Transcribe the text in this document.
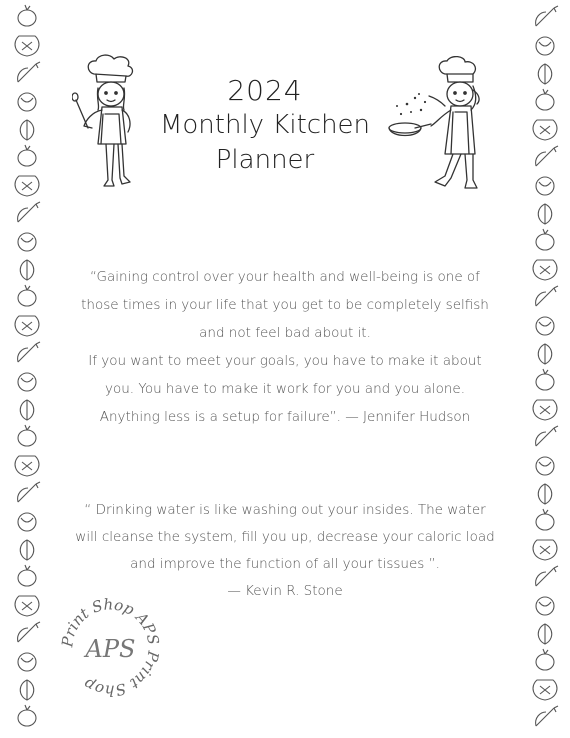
2024
Monthly Kitchen
Planner
“Gaining control over your health and well-being is one of
those times in your life that you get to be completely selfish
and not feel bad about it.
If you want to meet your goals, you have to make it about
you. You have to make it work for you and you alone.
Anything less is a setup for failure”. — Jennifer Hudson
“ Drinking water is like washing out your insides. The water
will cleanse the system, fill you up, decrease your caloric load
and improve the function of all your tissues ”.
— Kevin R. Stone
Print Shop APS Print Shop
APS
